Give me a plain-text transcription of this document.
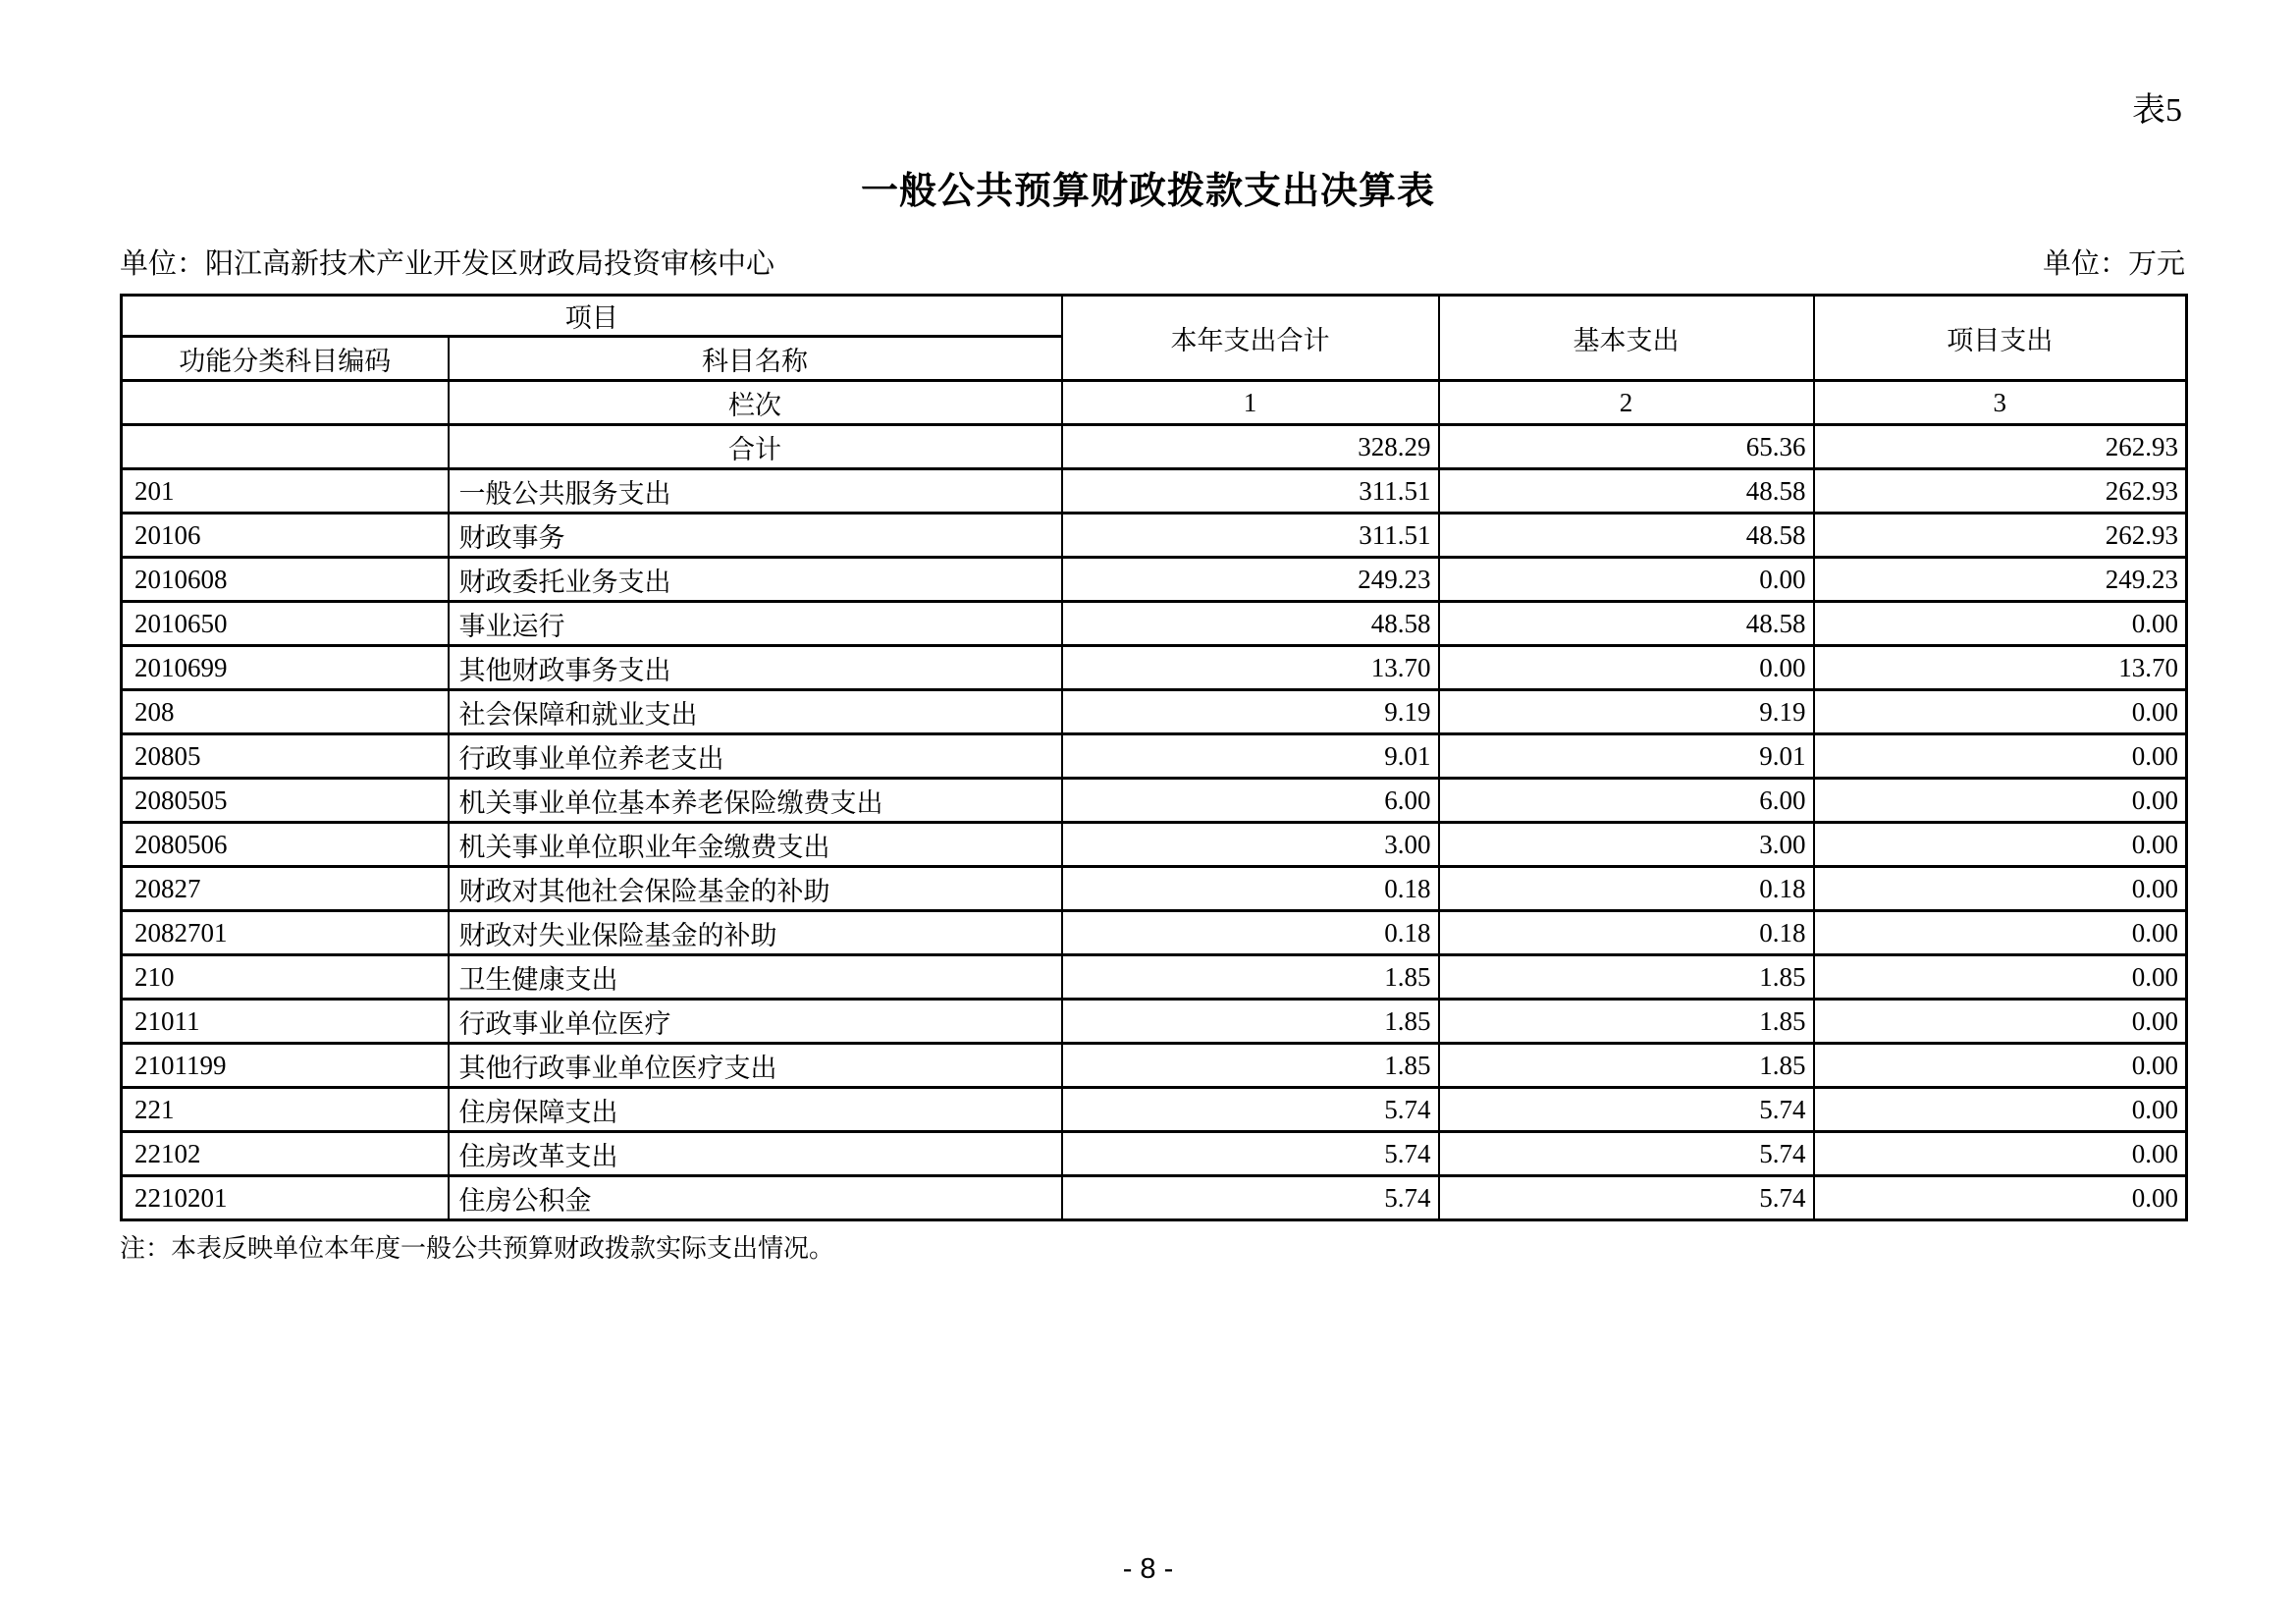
表5
一般公共预算财政拨款支出决算表
单位：阳江高新技术产业开发区财政局投资审核中心	单位：万元
项目		本年支出合计	基本支出	项目支出
功能分类科目编码	科目名称			
	栏次	1	2	3
	合计	328.29	65.36	262.93
201	一般公共服务支出	311.51	48.58	262.93
20106	财政事务	311.51	48.58	262.93
2010608	财政委托业务支出	249.23	0.00	249.23
2010650	事业运行	48.58	48.58	0.00
2010699	其他财政事务支出	13.70	0.00	13.70
208	社会保障和就业支出	9.19	9.19	0.00
20805	行政事业单位养老支出	9.01	9.01	0.00
2080505	机关事业单位基本养老保险缴费支出	6.00	6.00	0.00
2080506	机关事业单位职业年金缴费支出	3.00	3.00	0.00
20827	财政对其他社会保险基金的补助	0.18	0.18	0.00
2082701	财政对失业保险基金的补助	0.18	0.18	0.00
210	卫生健康支出	1.85	1.85	0.00
21011	行政事业单位医疗	1.85	1.85	0.00
2101199	其他行政事业单位医疗支出	1.85	1.85	0.00
221	住房保障支出	5.74	5.74	0.00
22102	住房改革支出	5.74	5.74	0.00
2210201	住房公积金	5.74	5.74	0.00
注：本表反映单位本年度一般公共预算财政拨款实际支出情况。
- 8 -
